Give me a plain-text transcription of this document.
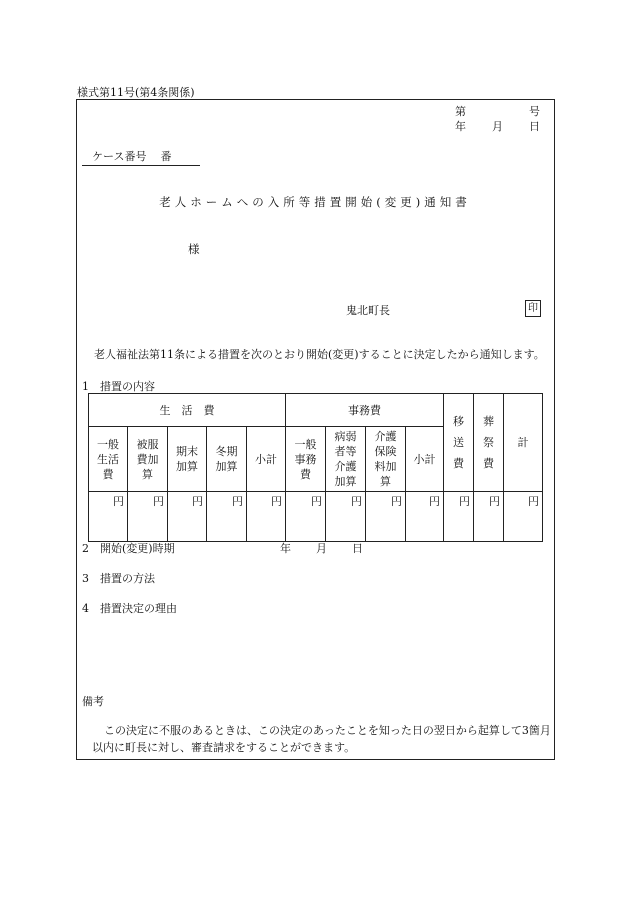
様式第11号(第4条関係)
第	号
年 月 日
ケース番号 番
老人ホームへの入所等措置開始(変更)通知書
様
鬼北町長	印
老人福祉法第11条による措置を次のとおり開始(変更)することに決定したから通知します。
1　措置の内容
生　活　費					事務費				移送費	葬祭費	計

一般生活費	被服費加算	期末加算	冬期加算	小計	一般事務費	病弱者等介護加算	介護保険料加算	小計			
円	円	円	円	円	円	円	円	円	円	円	円
2　開始(変更)時期	年 月 日
3　措置の方法
4　措置決定の理由
備考
この決定に不服のあるときは、この決定のあったことを知った日の翌日から起算して3箇月以内に町長に対し、審査請求をすることができます。
